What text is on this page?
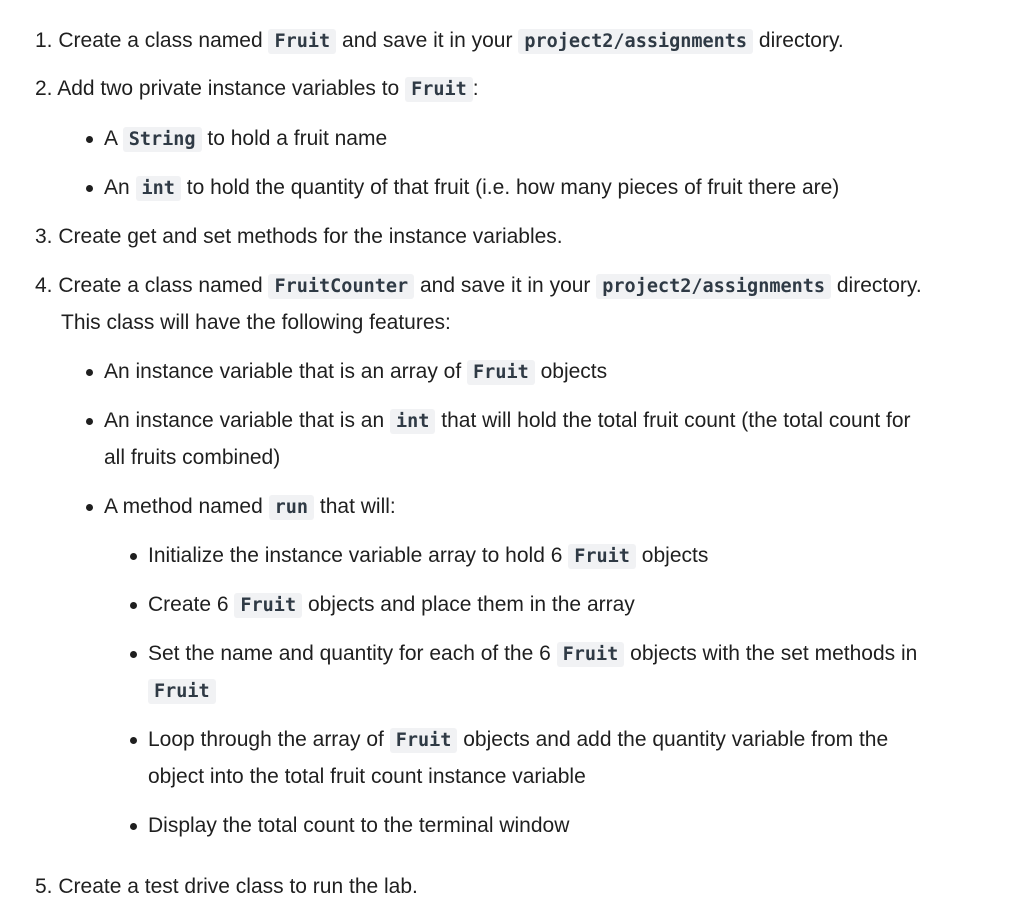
1. Create a class named Fruit and save it in your project2/assignments directory.
2. Add two private instance variables to Fruit :
A String to hold a fruit name
An int to hold the quantity of that fruit (i.e. how many pieces of fruit there are)
3. Create get and set methods for the instance variables.
4. Create a class named FruitCounter and save it in your project2/assignments directory.
This class will have the following features:
An instance variable that is an array of Fruit objects
An instance variable that is an int that will hold the total fruit count (the total count for
all fruits combined)
A method named run that will:
Initialize the instance variable array to hold 6 Fruit objects
Create 6 Fruit objects and place them in the array
Set the name and quantity for each of the 6 Fruit objects with the set methods in
Fruit
Loop through the array of Fruit objects and add the quantity variable from the
object into the total fruit count instance variable
Display the total count to the terminal window
5. Create a test drive class to run the lab.
